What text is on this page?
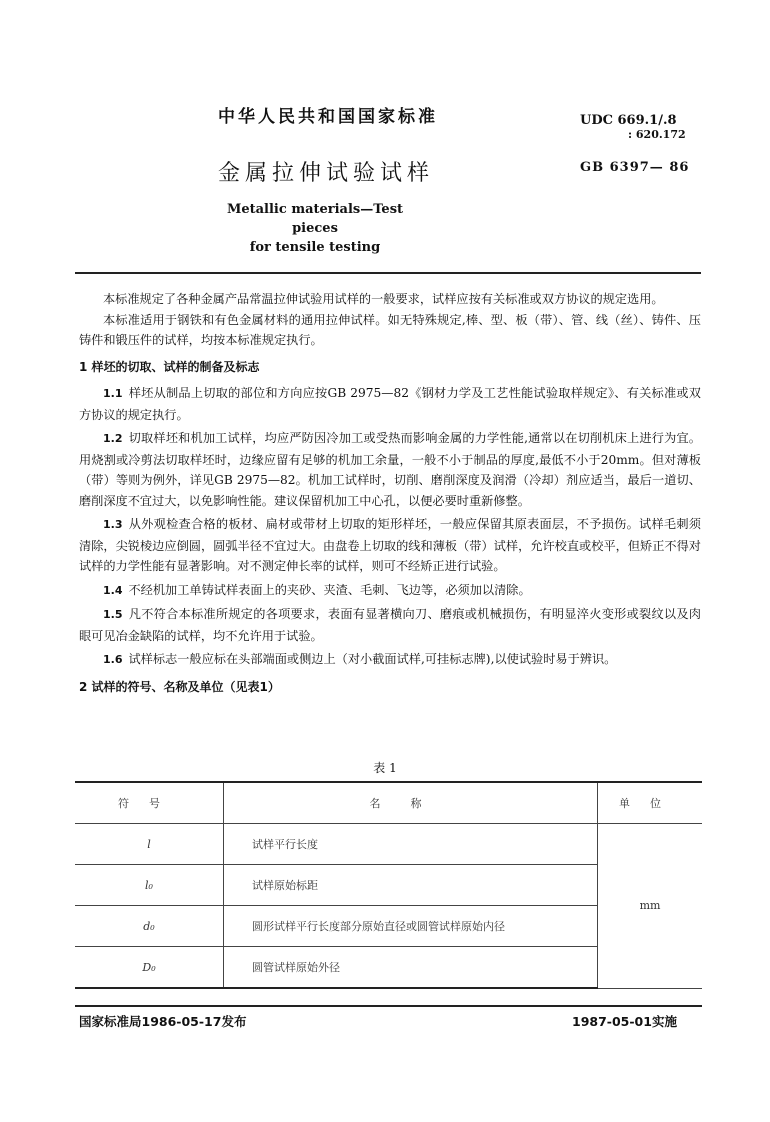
中华人民共和国国家标准	UDC 669.1/.8
: 620.172
金属拉伸试验试样	GB 6397— 86
Metallic materials—Test pieces
for tensile testing

本标准规定了各种金属产品常温拉伸试验用试样的一般要求，试样应按有关标准或双方协议的规定选用。

本标准适用于钢铁和有色金属材料的通用拉伸试样。如无特殊规定,棒、型、板（带）、管、线（丝）、铸件、压铸件和锻压件的试样，均按本标准规定执行。

1 样坯的切取、试样的制备及标志

1.1 样坯从制品上切取的部位和方向应按GB 2975—82《钢材力学及工艺性能试验取样规定》、有关标准或双方协议的规定执行。

1.2 切取样坯和机加工试样，均应严防因冷加工或受热而影响金属的力学性能,通常以在切削机床上进行为宜。用烧割或冷剪法切取样坯时，边缘应留有足够的机加工余量，一般不小于制品的厚度,最低不小于20mm。但对薄板（带）等则为例外，详见GB 2975—82。机加工试样时，切削、磨削深度及润滑（冷却）剂应适当，最后一道切、磨削深度不宜过大，以免影响性能。建议保留机加工中心孔，以便必要时重新修整。

1.3 从外观检查合格的板材、扁材或带材上切取的矩形样坯，一般应保留其原表面层，不予损伤。试样毛刺须清除，尖锐棱边应倒圆，圆弧半径不宜过大。由盘卷上切取的线和薄板（带）试样，允许校直或校平，但矫正不得对试样的力学性能有显著影响。对不测定伸长率的试样，则可不经矫正进行试验。

1.4 不经机加工单铸试样表面上的夹砂、夹渣、毛刺、飞边等，必须加以清除。

1.5 凡不符合本标准所规定的各项要求，表面有显著横向刀、磨痕或机械损伤，有明显淬火变形或裂纹以及肉眼可见冶金缺陷的试样，均不允许用于试验。

1.6 试样标志一般应标在头部端面或侧边上（对小截面试样,可挂标志牌),以使试验时易于辨识。

2 试样的符号、名称及单位（见表1）

表 1
符号	名称	单位
l	试样平行长度	mm
l₀	试样原始标距	
d₀	圆形试样平行长度部分原始直径或圆管试样原始内径	
D₀	圆管试样原始外径	
国家标准局1986-05-17发布	1987-05-01实施
